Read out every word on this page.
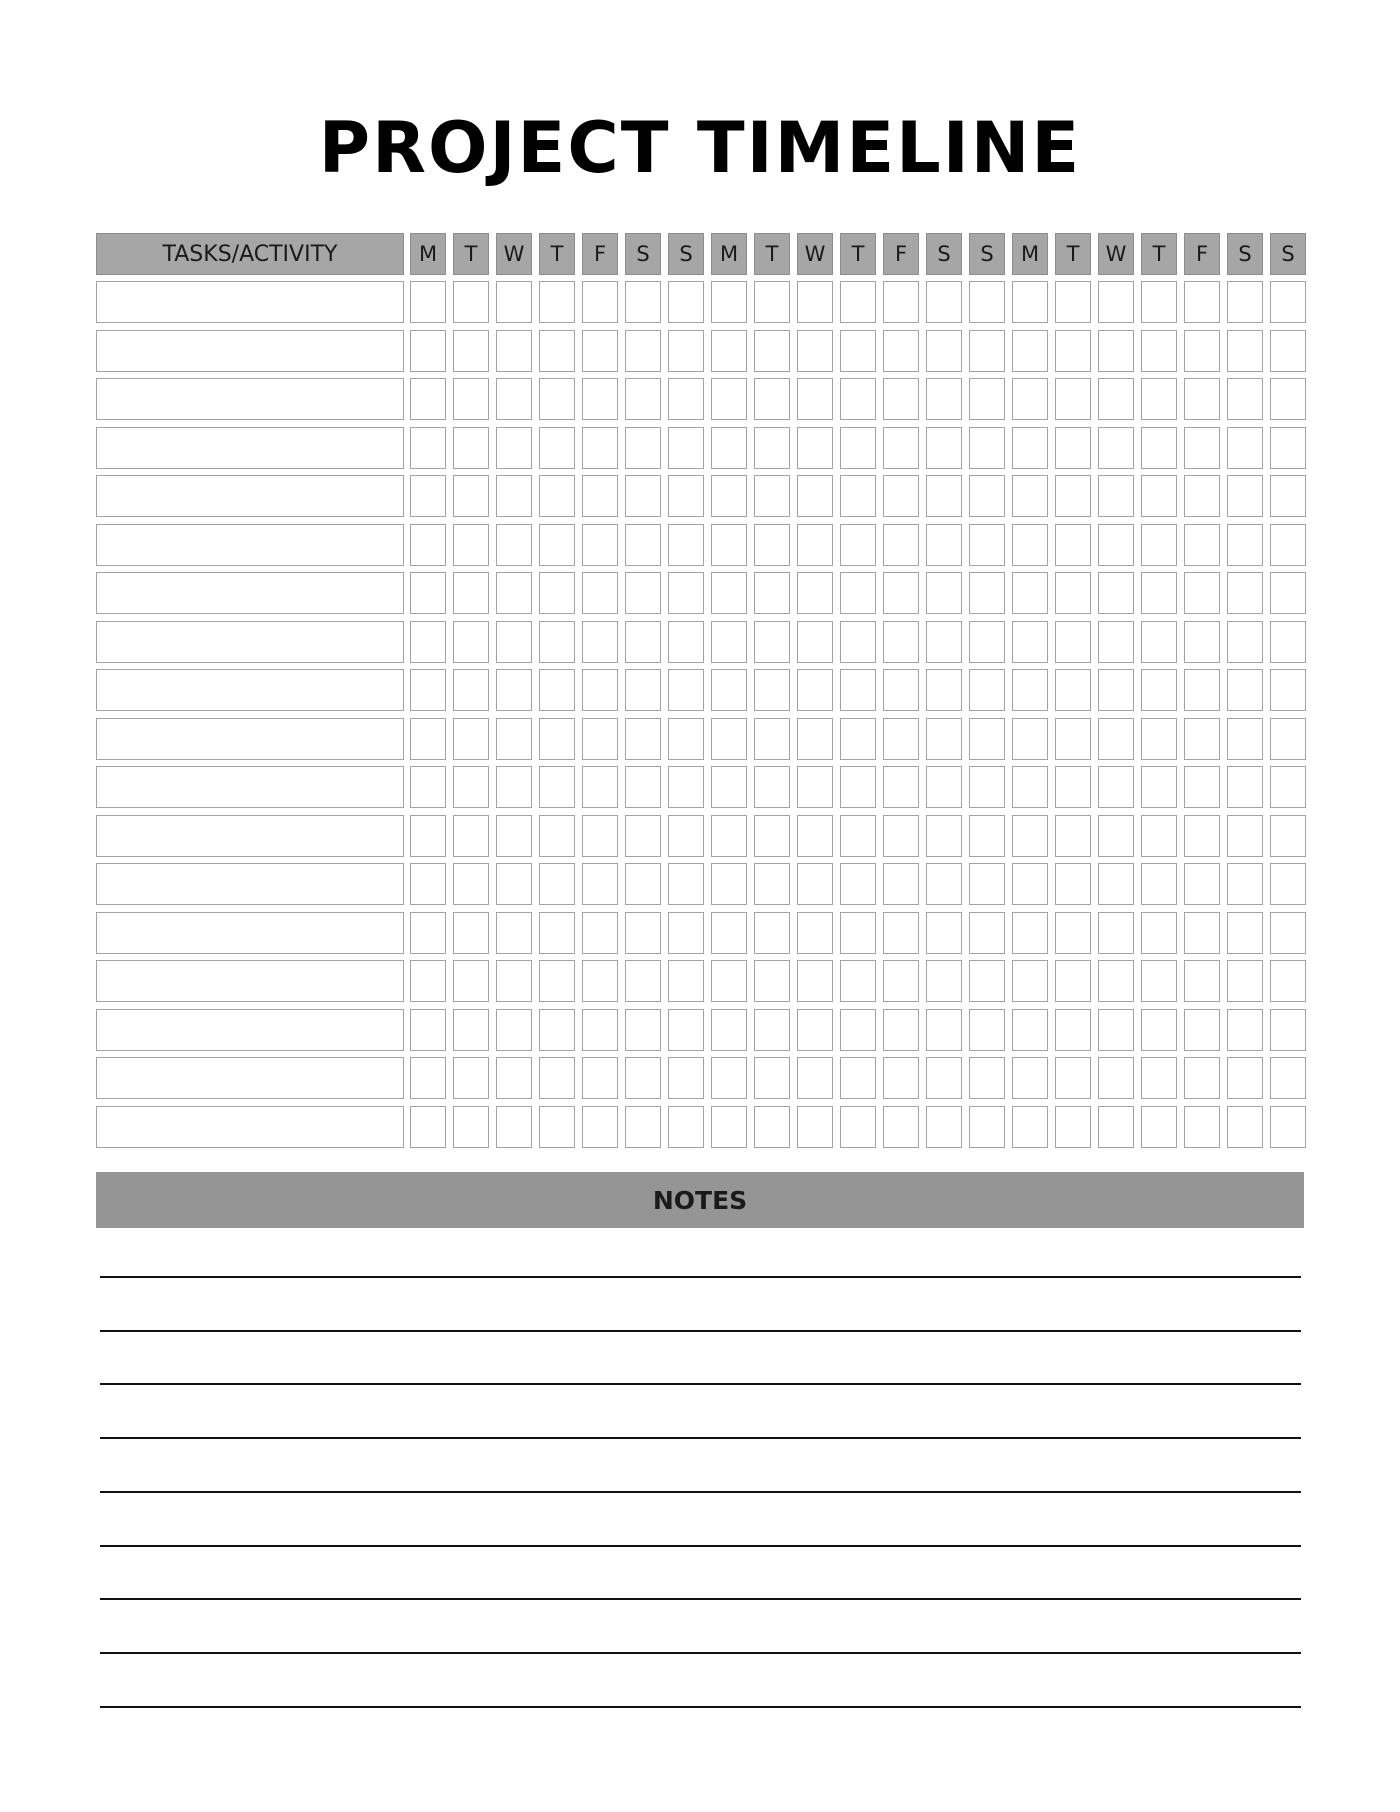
PROJECT TIMELINE
TASKS/ACTIVITY	M	T	W	T	F	S	S	M	T	W	T	F	S	S	M	T	W	T	F	S	S
NOTES
